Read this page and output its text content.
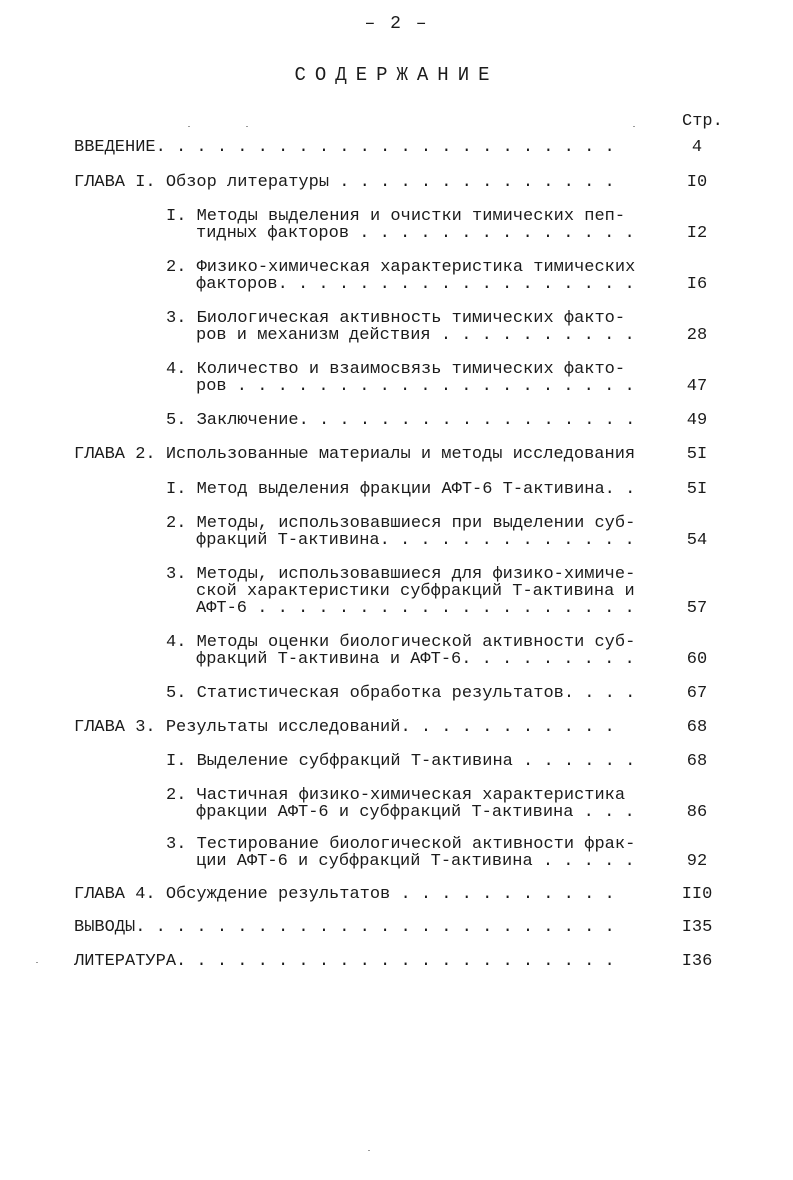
– 2 –
СОДЕРЖАНИЕ
Стр.
ВВЕДЕНИЕ. . . . . . . . . . . . . . . . . . . . . . .	4
ГЛАВА I. Обзор литературы . . . . . . . . . . . . . .	I0
I. Методы выделения и очистки тимических пеп-
тидных факторов . . . . . . . . . . . . . .	I2
2. Физико-химическая характеристика тимических
факторов. . . . . . . . . . . . . . . . . .	I6
3. Биологическая активность тимических факто-
ров и механизм действия . . . . . . . . . .	28
4. Количество и взаимосвязь тимических факто-
ров . . . . . . . . . . . . . . . . . . . .	47
5. Заключение. . . . . . . . . . . . . . . . .	49
ГЛАВА 2. Использованные материалы и методы исследования	5I
I. Метод выделения фракции АФТ-6 Т-активина. .	5I
2. Методы, использовавшиеся при выделении суб-
фракций Т-активина. . . . . . . . . . . . .	54
3. Методы, использовавшиеся для физико-химиче-
ской характеристики субфракций Т-активина и
АФТ-6 . . . . . . . . . . . . . . . . . . .	57
4. Методы оценки биологической активности суб-
фракций Т-активина и АФТ-6. . . . . . . . .	60
5. Статистическая обработка результатов. . . .	67
ГЛАВА 3. Результаты исследований. . . . . . . . . . .	68
I. Выделение субфракций Т-активина . . . . . .	68
2. Частичная физико-химическая характеристика
фракции АФТ-6 и субфракций Т-активина . . .	86
3. Тестирование биологической активности фрак-
ции АФТ-6 и субфракций Т-активина . . . . .	92
ГЛАВА 4. Обсуждение результатов . . . . . . . . . . .	II0
ВЫВОДЫ. . . . . . . . . . . . . . . . . . . . . . . .	I35
ЛИТЕРАТУРА. . . . . . . . . . . . . . . . . . . . . .	I36
